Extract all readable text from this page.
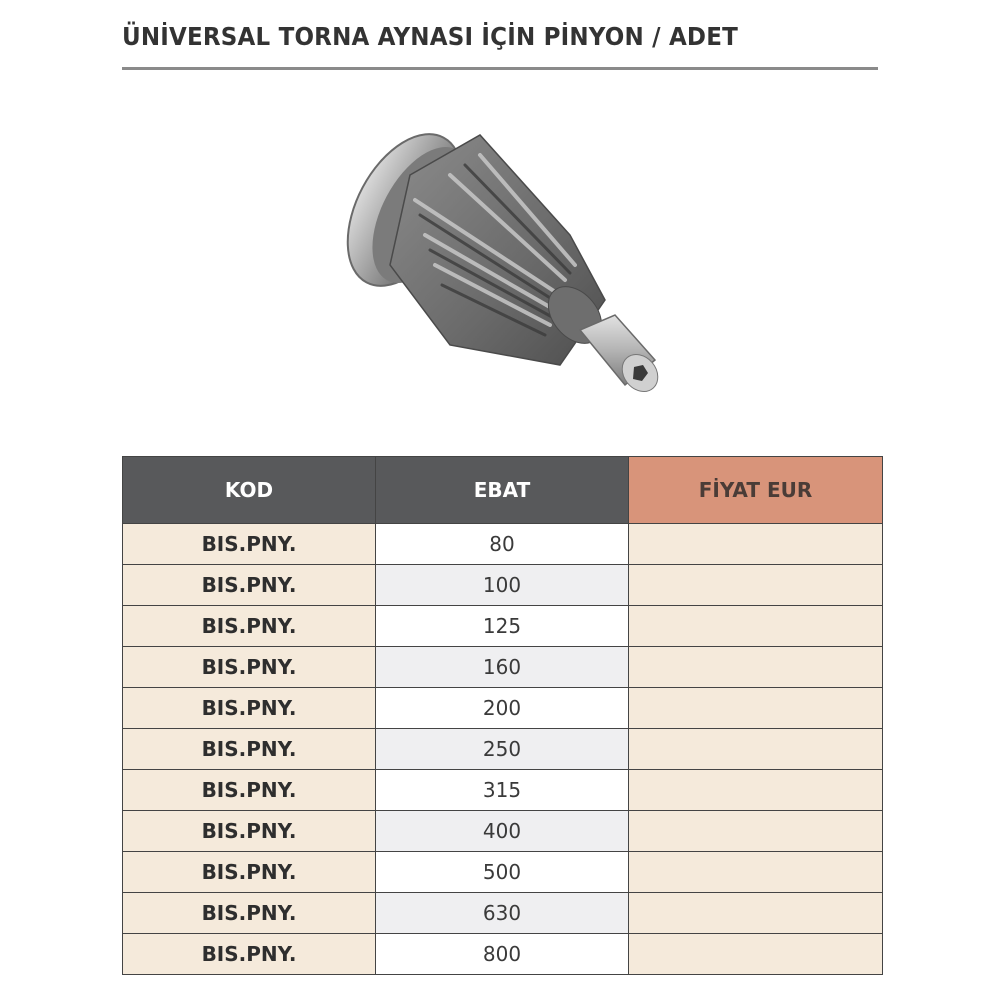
ÜNİVERSAL TORNA AYNASI İÇİN PİNYON / ADET
KOD	EBAT	FİYAT EUR
BIS.PNY.	80	
BIS.PNY.	100	
BIS.PNY.	125	
BIS.PNY.	160	
BIS.PNY.	200	
BIS.PNY.	250	
BIS.PNY.	315	
BIS.PNY.	400	
BIS.PNY.	500	
BIS.PNY.	630	
BIS.PNY.	800	
